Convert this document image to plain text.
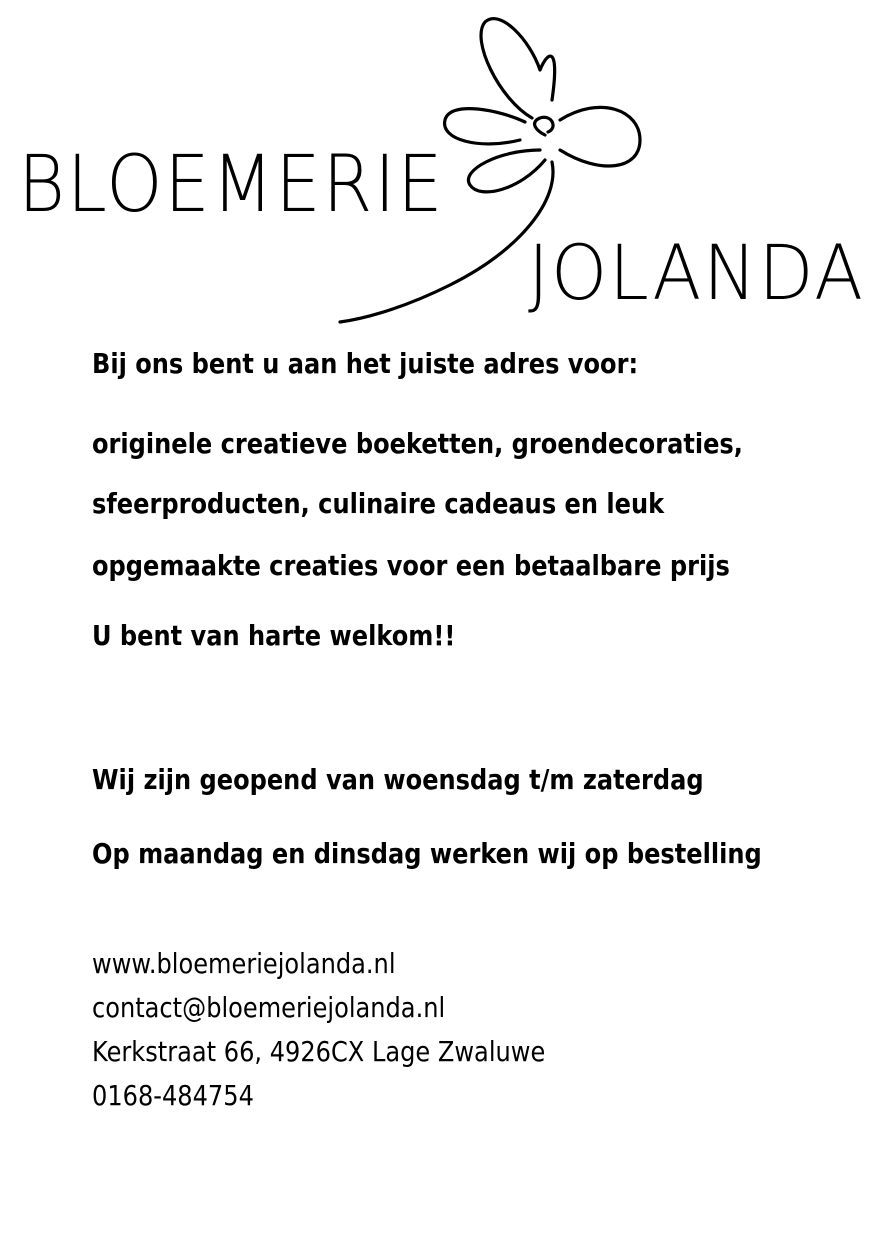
BLOEMERIE
JOLANDA
Bij ons bent u aan het juiste adres voor:
originele creatieve boeketten, groendecoraties,
sfeerproducten, culinaire cadeaus en leuk
opgemaakte creaties voor een betaalbare prijs
U bent van harte welkom!!
Wij zijn geopend van woensdag t/m zaterdag
Op maandag en dinsdag werken wij op bestelling
www.bloemeriejolanda.nl
contact@bloemeriejolanda.nl
Kerkstraat 66, 4926CX Lage Zwaluwe
0168-484754
